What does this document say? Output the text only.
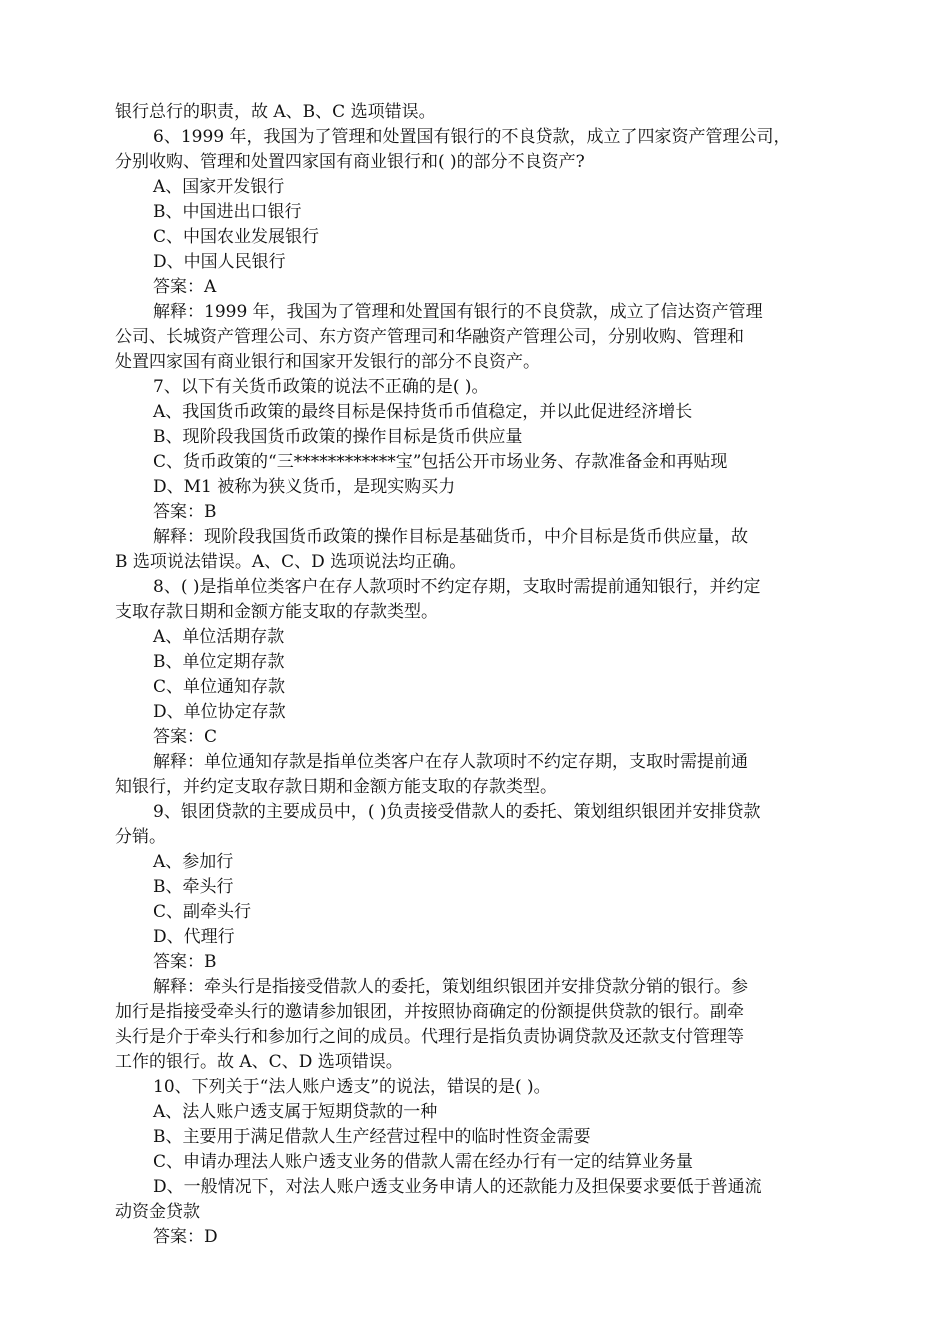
银行总行的职责，故 A、B、C 选项错误。
6、1999 年，我国为了管理和处置国有银行的不良贷款，成立了四家资产管理公司，
分别收购、管理和处置四家国有商业银行和( )的部分不良资产?
A、国家开发银行
B、中国进出口银行
C、中国农业发展银行
D、中国人民银行
答案：A
解释：1999 年，我国为了管理和处置国有银行的不良贷款，成立了信达资产管理
公司、长城资产管理公司、东方资产管理司和华融资产管理公司，分别收购、管理和
处置四家国有商业银行和国家开发银行的部分不良资产。
7、以下有关货币政策的说法不正确的是( )。
A、我国货币政策的最终目标是保持货币币值稳定，并以此促进经济增长
B、现阶段我国货币政策的操作目标是货币供应量
C、货币政策的“三************宝”包括公开市场业务、存款准备金和再贴现
D、M1 被称为狭义货币，是现实购买力
答案：B
解释：现阶段我国货币政策的操作目标是基础货币，中介目标是货币供应量，故
B 选项说法错误。A、C、D 选项说法均正确。
8、( )是指单位类客户在存人款项时不约定存期，支取时需提前通知银行，并约定
支取存款日期和金额方能支取的存款类型。
A、单位活期存款
B、单位定期存款
C、单位通知存款
D、单位协定存款
答案：C
解释：单位通知存款是指单位类客户在存人款项时不约定存期，支取时需提前通
知银行，并约定支取存款日期和金额方能支取的存款类型。
9、银团贷款的主要成员中，( )负责接受借款人的委托、策划组织银团并安排贷款
分销。
A、参加行
B、牵头行
C、副牵头行
D、代理行
答案：B
解释：牵头行是指接受借款人的委托，策划组织银团并安排贷款分销的银行。参
加行是指接受牵头行的邀请参加银团，并按照协商确定的份额提供贷款的银行。副牵
头行是介于牵头行和参加行之间的成员。代理行是指负责协调贷款及还款支付管理等
工作的银行。故 A、C、D 选项错误。
10、下列关于“法人账户透支”的说法，错误的是( )。
A、法人账户透支属于短期贷款的一种
B、主要用于满足借款人生产经营过程中的临时性资金需要
C、申请办理法人账户透支业务的借款人需在经办行有一定的结算业务量
D、一般情况下，对法人账户透支业务申请人的还款能力及担保要求要低于普通流
动资金贷款
答案：D
